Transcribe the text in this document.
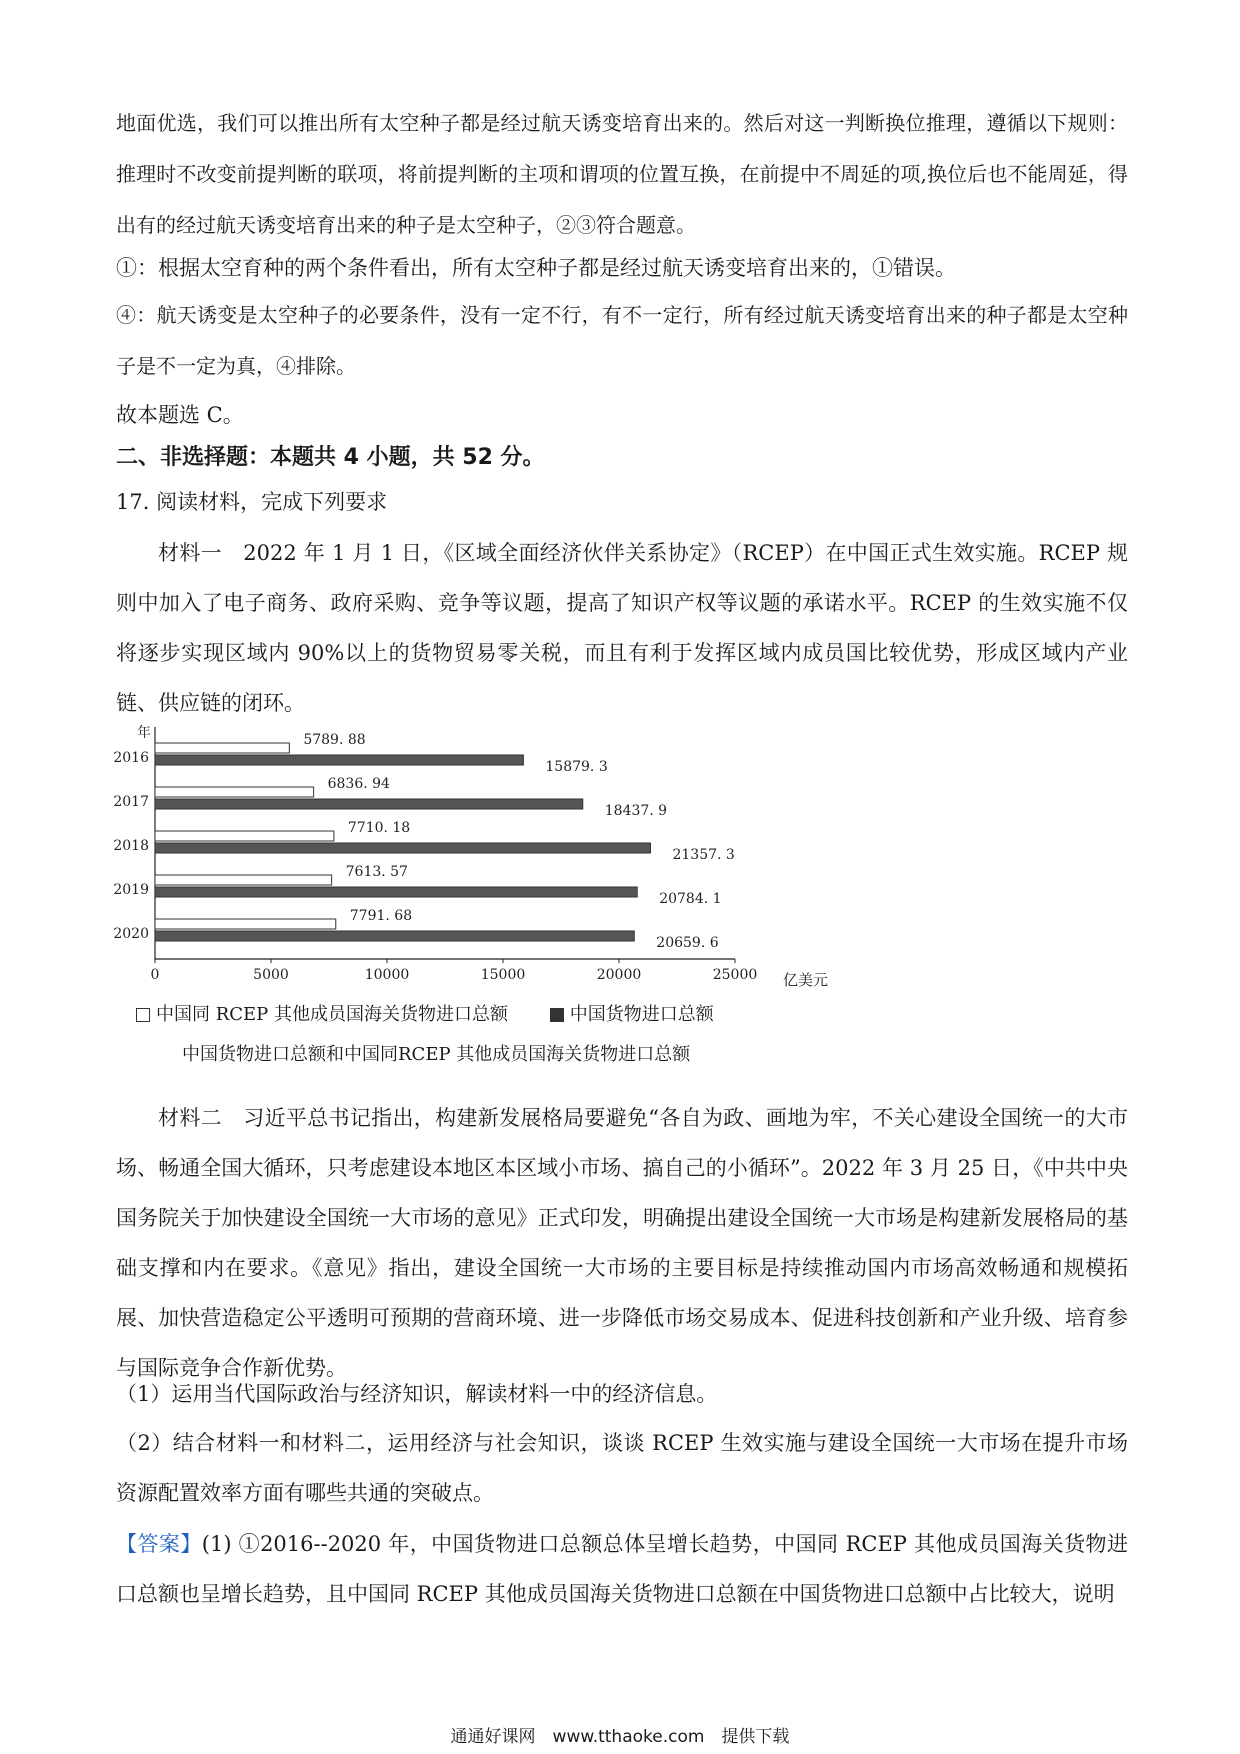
地面优选，我们可以推出所有太空种子都是经过航天诱变培育出来的。然后对这一判断换位推理，遵循以下规则：推理时不改变前提判断的联项，将前提判断的主项和谓项的位置互换，在前提中不周延的项,换位后也不能周延，得出有的经过航天诱变培育出来的种子是太空种子，②③符合题意。

①：根据太空育种的两个条件看出，所有太空种子都是经过航天诱变培育出来的，①错误。

④：航天诱变是太空种子的必要条件，没有一定不行，有不一定行，所有经过航天诱变培育出来的种子都是太空种子是不一定为真，④排除。

故本题选 C。

二、非选择题：本题共 4 小题，共 52 分。

17. 阅读材料，完成下列要求

材料一　2022 年 1 月 1 日，《区域全面经济伙伴关系协定》（RCEP）在中国正式生效实施。RCEP 规则中加入了电子商务、政府采购、竞争等议题，提高了知识产权等议题的承诺水平。RCEP 的生效实施不仅将逐步实现区域内 90%以上的货物贸易零关税，而且有利于发挥区域内成员国比较优势，形成区域内产业链、供应链的闭环。

年
亿美元
0	5000	10000	15000	20000	25000
2016
5789. 88
15879. 3
2017
6836. 94
18437. 9
2018
7710. 18
21357. 3
2019
7613. 57
20784. 1
2020
7791. 68
20659. 6
中国同 RCEP 其他成员国海关货物进口总额	中国货物进口总额
中国货物进口总额和中国同RCEP 其他成员国海关货物进口总额

材料二　习近平总书记指出，构建新发展格局要避免“各自为政、画地为牢，不关心建设全国统一的大市场、畅通全国大循环，只考虑建设本地区本区域小市场、搞自己的小循环”。2022 年 3 月 25 日，《中共中央国务院关于加快建设全国统一大市场的意见》正式印发，明确提出建设全国统一大市场是构建新发展格局的基础支撑和内在要求。《意见》指出，建设全国统一大市场的主要目标是持续推动国内市场高效畅通和规模拓展、加快营造稳定公平透明可预期的营商环境、进一步降低市场交易成本、促进科技创新和产业升级、培育参与国际竞争合作新优势。

（1）运用当代国际政治与经济知识，解读材料一中的经济信息。

（2）结合材料一和材料二，运用经济与社会知识，谈谈 RCEP 生效实施与建设全国统一大市场在提升市场资源配置效率方面有哪些共通的突破点。

【答案】(1) ①2016--2020 年，中国货物进口总额总体呈增长趋势，中国同 RCEP 其他成员国海关货物进口总额也呈增长趋势，且中国同 RCEP 其他成员国海关货物进口总额在中国货物进口总额中占比较大，说明

通通好课网　www.tthaoke.com　提供下载
